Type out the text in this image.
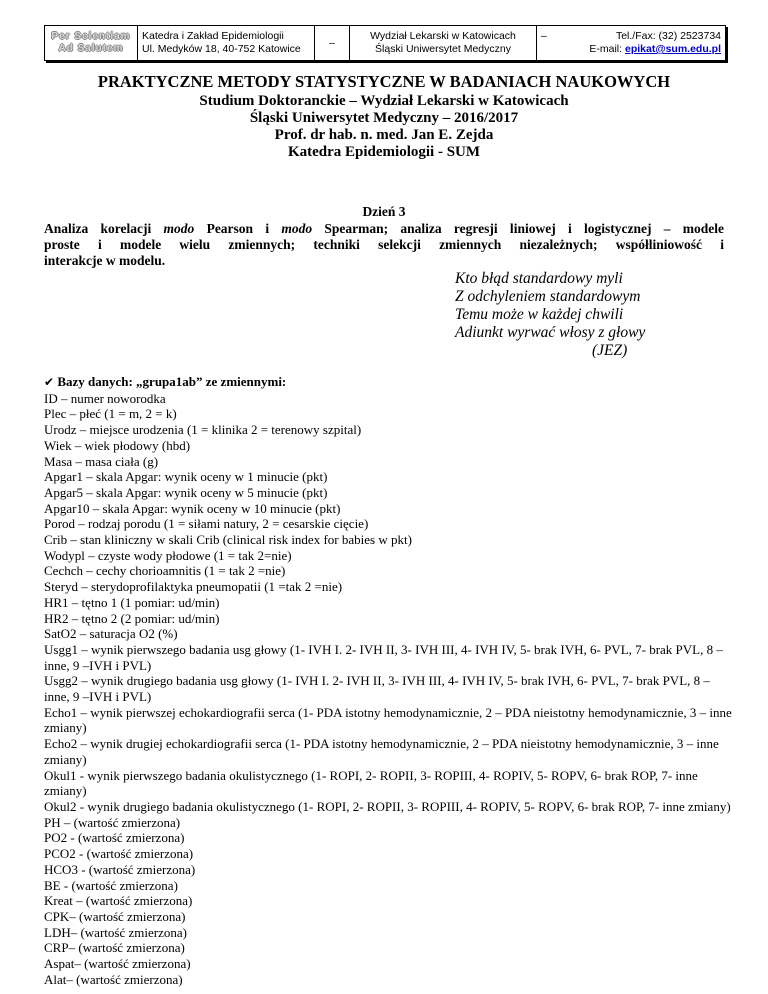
Per Scientiam
Ad Salutem
Katedra i Zakład Epidemiologii
Ul. Medyków 18, 40-752 Katowice
–
Wydział Lekarski w Katowicach
Śląski Uniwersytet Medyczny
–	Tel./Fax: (32) 2523734
E-mail:
epikat@sum.edu.pl
PRAKTYCZNE METODY STATYSTYCZNE W BADANIACH NAUKOWYCH
Studium Doktoranckie – Wydział Lekarski w Katowicach
Śląski Uniwersytet Medyczny – 2016/2017
Prof. dr hab. n. med. Jan E. Zejda
Katedra Epidemiologii - SUM
Dzień 3
Analiza korelacji modo Pearson i modo Spearman; analiza regresji liniowej i logistycznej – modele
proste i modele wielu zmiennych; techniki selekcji zmiennych niezależnych; współliniowość i
interakcje w modelu.
Kto błąd standardowy myli
Z odchyleniem standardowym
Temu może w każdej chwili
Adiunkt wyrwać włosy z głowy
(JEZ)
✔ Bazy danych: „grupa1ab” ze zmiennymi:
ID – numer noworodka
Plec – płeć (1 = m, 2 = k)
Urodz – miejsce urodzenia (1 = klinika 2 = terenowy szpital)
Wiek – wiek płodowy (hbd)
Masa – masa ciała (g)
Apgar1 – skala Apgar: wynik oceny w 1 minucie (pkt)
Apgar5 – skala Apgar: wynik oceny w 5 minucie (pkt)
Apgar10 – skala Apgar: wynik oceny w 10 minucie (pkt)
Porod – rodzaj porodu (1 = siłami natury, 2 = cesarskie cięcie)
Crib – stan kliniczny w skali Crib (clinical risk index for babies w pkt)
Wodypl – czyste wody płodowe (1 = tak 2=nie)
Cechch – cechy chorioamnitis (1 = tak 2 =nie)
Steryd – sterydoprofilaktyka pneumopatii (1 =tak 2 =nie)
HR1 – tętno 1 (1 pomiar: ud/min)
HR2 – tętno 2 (2 pomiar: ud/min)
SatO2 – saturacja O2 (%)
Usgg1 – wynik pierwszego badania usg głowy (1- IVH I. 2- IVH II, 3- IVH III, 4- IVH IV, 5- brak IVH, 6- PVL, 7- brak PVL, 8 – inne, 9 –IVH i PVL)
Usgg2 – wynik drugiego badania usg głowy (1- IVH I. 2- IVH II, 3- IVH III, 4- IVH IV, 5- brak IVH, 6- PVL, 7- brak PVL, 8 – inne, 9 –IVH i PVL)
Echo1 – wynik pierwszej echokardiografii serca (1- PDA istotny hemodynamicznie, 2 – PDA nieistotny hemodynamicznie, 3 – inne zmiany)
Echo2 – wynik drugiej echokardiografii serca (1- PDA istotny hemodynamicznie, 2 – PDA nieistotny hemodynamicznie, 3 – inne zmiany)
Okul1 - wynik pierwszego badania okulistycznego (1- ROPI, 2- ROPII, 3- ROPIII, 4- ROPIV, 5- ROPV, 6- brak ROP, 7- inne zmiany)
Okul2 - wynik drugiego badania okulistycznego (1- ROPI, 2- ROPII, 3- ROPIII, 4- ROPIV, 5- ROPV, 6- brak ROP, 7- inne zmiany)
PH – (wartość zmierzona)
PO2 - (wartość zmierzona)
PCO2 - (wartość zmierzona)
HCO3 - (wartość zmierzona)
BE - (wartość zmierzona)
Kreat – (wartość zmierzona)
CPK– (wartość zmierzona)
LDH– (wartość zmierzona)
CRP– (wartość zmierzona)
Aspat– (wartość zmierzona)
Alat– (wartość zmierzona)
